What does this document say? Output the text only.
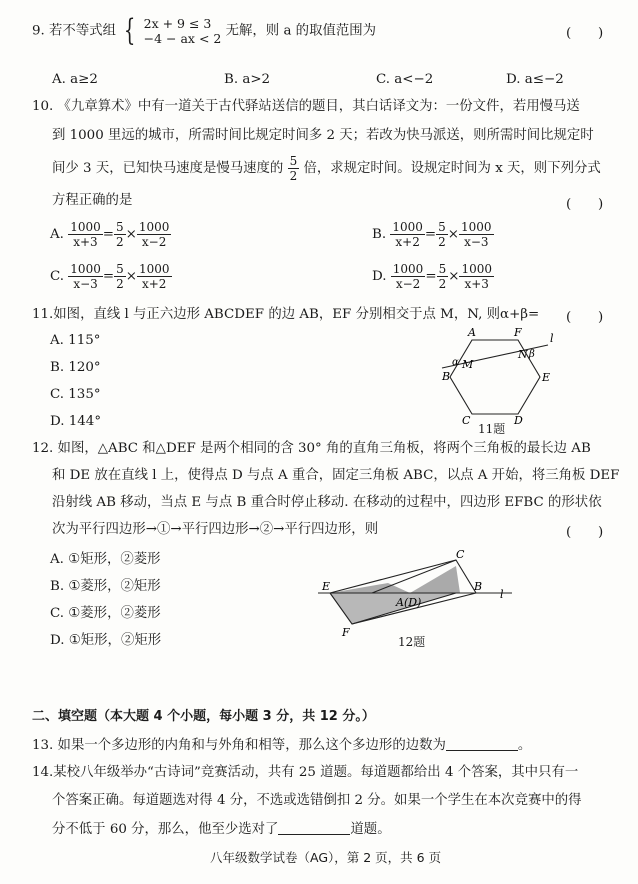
9. 若不等式组 { 2x + 9 ≤ 3
−4 − ax < 2 无解，则 a 的取值范围为	(　　)
A. a≥2	B. a>2	C. a<−2	D. a≤−2
10. 《九章算术》中有一道关于古代驿站送信的题目，其白话译文为：一份文件，若用慢马送
到 1000 里远的城市，所需时间比规定时间多 2 天；若改为快马派送，则所需时间比规定时
间少 3 天，已知快马速度是慢马速度的 $\frac{5}{2}$ 倍，求规定时间。设规定时间为 x 天，则下列分式
方程正确的是	(　　)
A. $\frac{1000}{x+3} = \frac{5}{2} \times \frac{1000}{x-2}$	B. $\frac{1000}{x+2} = \frac{5}{2} \times \frac{1000}{x-3}$
C. $\frac{1000}{x-3} = \frac{5}{2} \times \frac{1000}{x+2}$	D. $\frac{1000}{x-2} = \frac{5}{2} \times \frac{1000}{x+3}$
11.如图，直线 l 与正六边形 ABCDEF 的边 AB，EF 分别相交于点 M，N, 则α+β= (　　)
A. 115°
B. 120°
C. 135°
D. 144°
A	F
B	E
C	D
M
N
l
α
β
11题
12. 如图，△ABC 和△DEF 是两个相同的含 30° 角的直角三角板，将两个三角板的最长边 AB
和 DE 放在直线 l 上，使得点 D 与点 A 重合，固定三角板 ABC，以点 A 开始，将三角板 DEF
沿射线 AB 移动，当点 E 与点 B 重合时停止移动. 在移动的过程中，四边形 EFBC 的形状依
次为平行四边形→①→平行四边形→②→平行四边形，则	(　　)
A. ①矩形，②菱形
B. ①菱形，②矩形
C. ①菱形，②菱形
D. ①矩形，②矩形
E
C
B
l
A(D)
F
12题
二、填空题（本大题 4 个小题，每小题 3 分，共 12 分。）
13. 如果一个多边形的内角和与外角和相等，那么这个多边形的边数为	。
14.某校八年级举办“古诗词”竞赛活动，共有 25 道题。每道题都给出 4 个答案，其中只有一
个答案正确。每道题选对得 4 分，不选或选错倒扣 2 分。如果一个学生在本次竞赛中的得
分不低于 60 分，那么，他至少选对了	道题。
八年级数学试卷（AG），第 2 页，共 6 页
